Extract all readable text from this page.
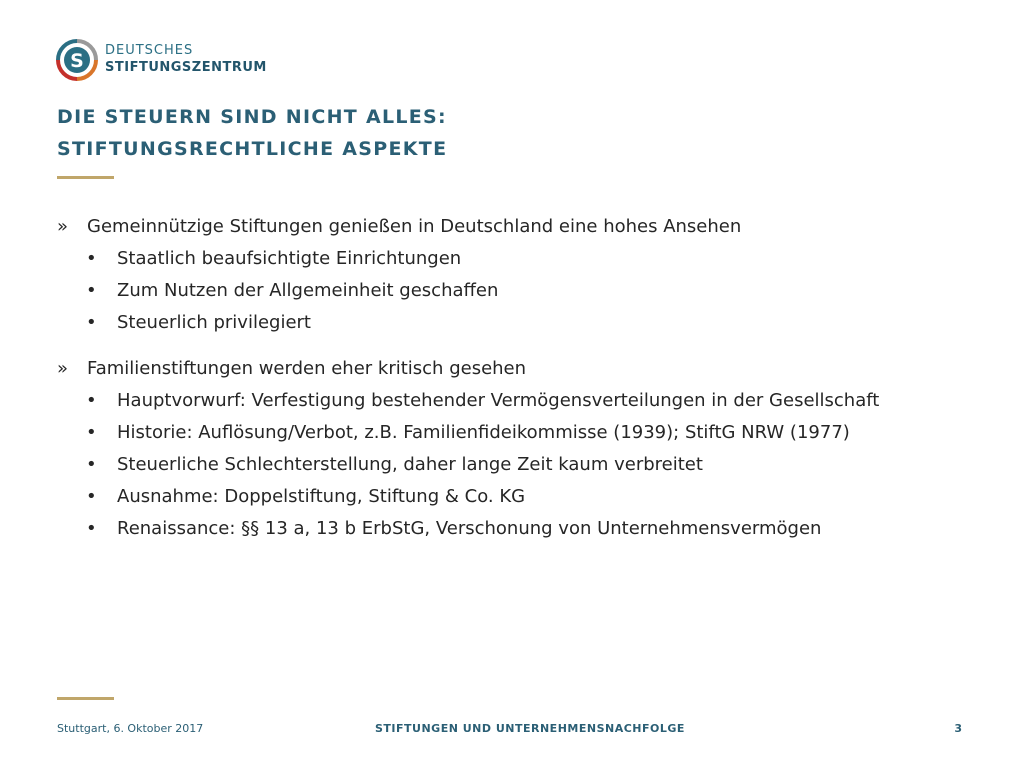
S DEUTSCHES
STIFTUNGSZENTRUM
DIE STEUERN SIND NICHT ALLES:
STIFTUNGSRECHTLICHE ASPEKTE
»	Gemeinnützige Stiftungen genießen in Deutschland eine hohes Ansehen
• Staatlich beaufsichtigte Einrichtungen
• Zum Nutzen der Allgemeinheit geschaffen
• Steuerlich privilegiert
»	Familienstiftungen werden eher kritisch gesehen
• Hauptvorwurf: Verfestigung bestehender Vermögensverteilungen in der Gesellschaft
• Historie: Auflösung/Verbot, z.B. Familienfideikommisse (1939); StiftG NRW (1977)
• Steuerliche Schlechterstellung, daher lange Zeit kaum verbreitet
• Ausnahme: Doppelstiftung, Stiftung & Co. KG
• Renaissance: §§ 13 a, 13 b ErbStG, Verschonung von Unternehmensvermögen
Stuttgart, 6. Oktober 2017	STIFTUNGEN UND UNTERNEHMENSNACHFOLGE	3
